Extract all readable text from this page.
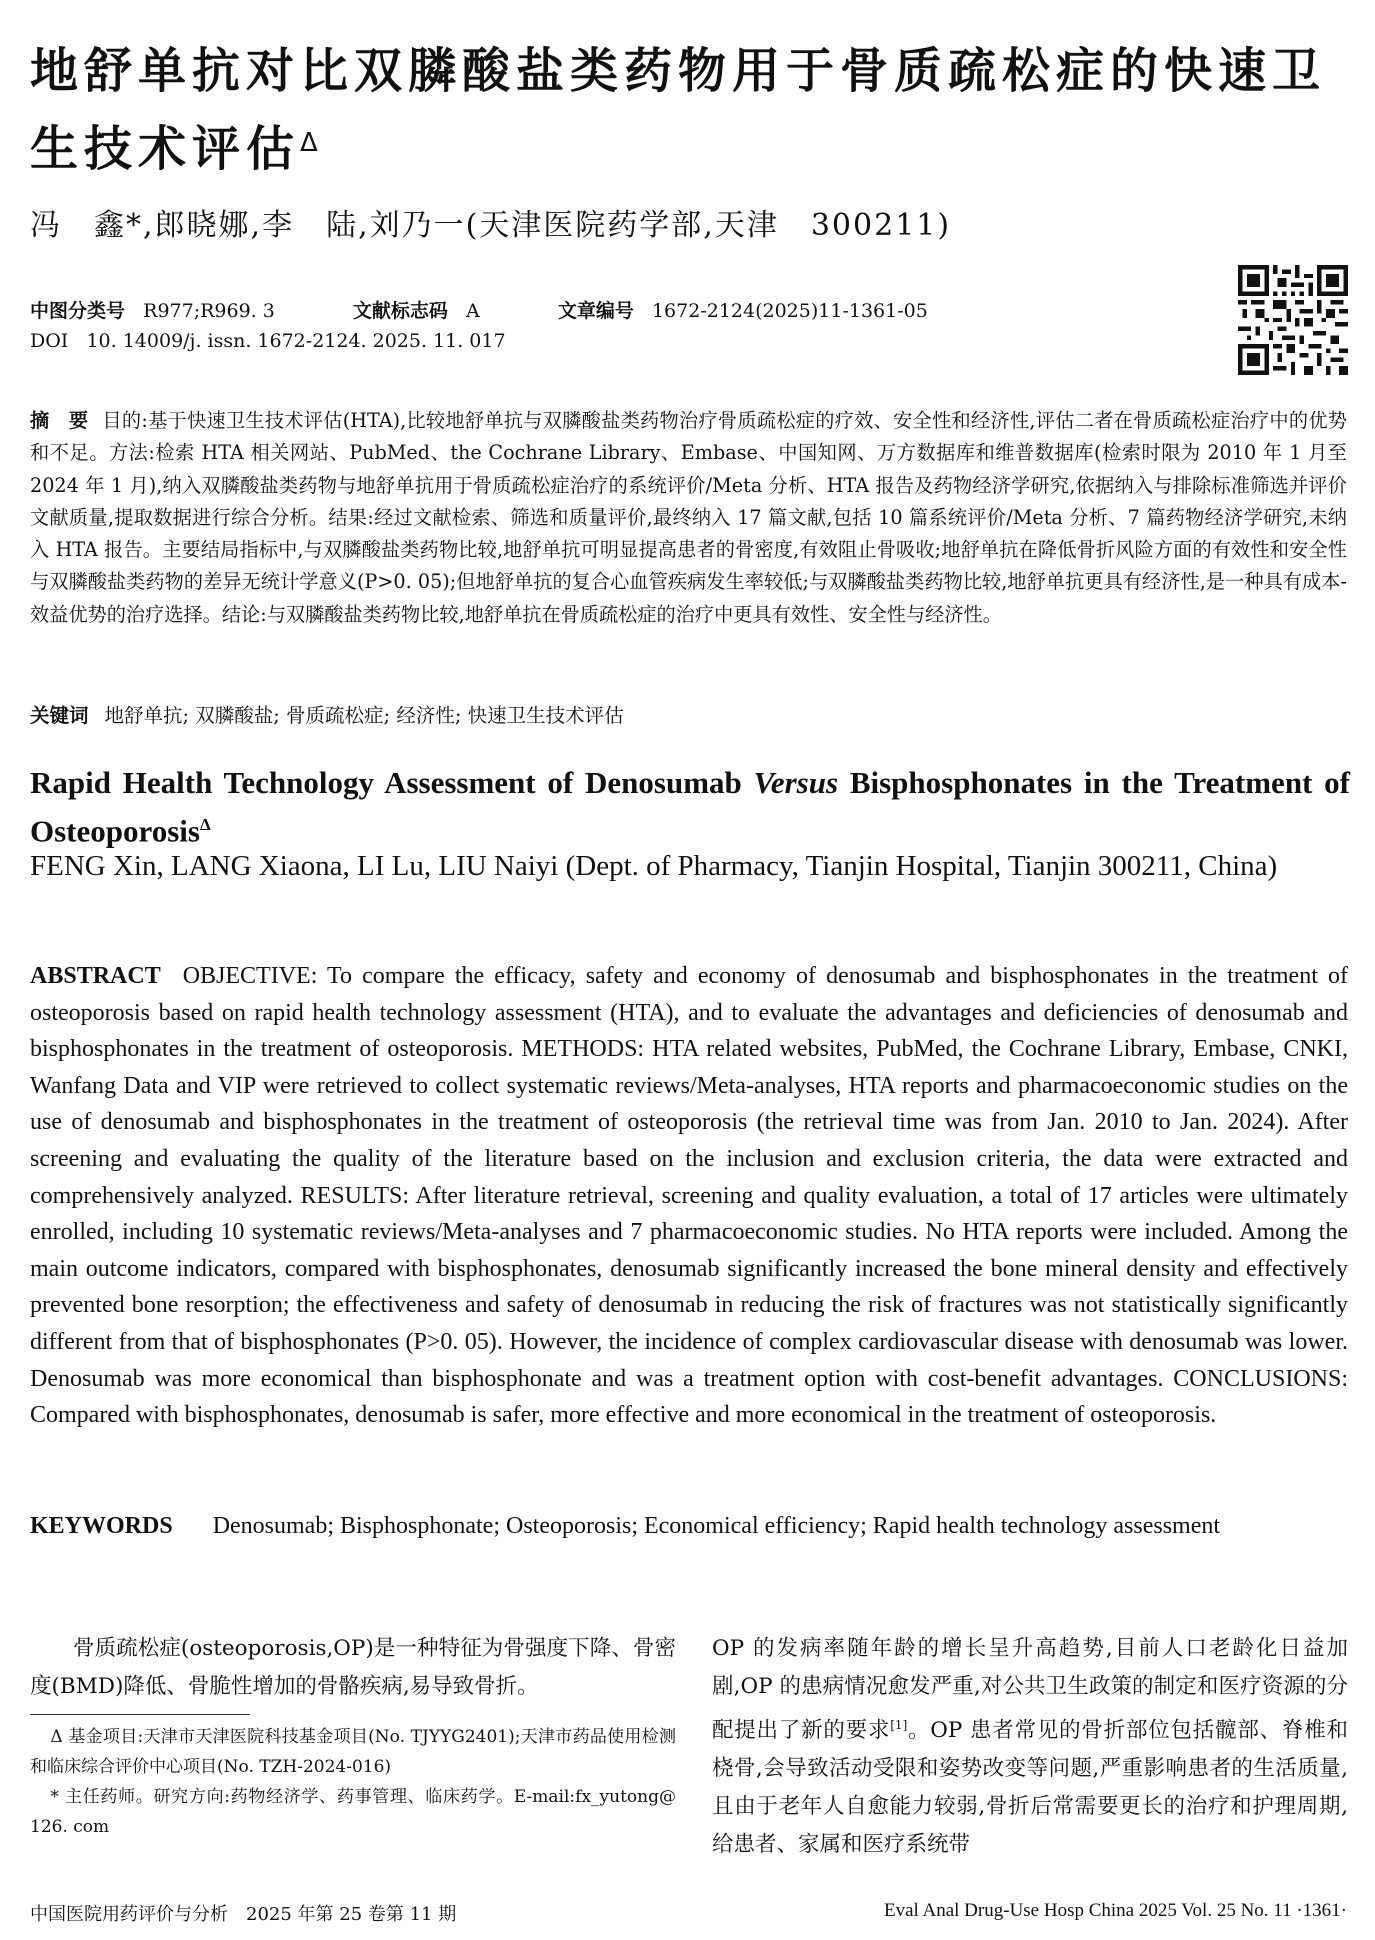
地舒单抗对比双膦酸盐类药物用于骨质疏松症的快速卫生技术评估$^\Delta$
冯　鑫*,郎晓娜,李　陆,刘乃一(天津医院药学部,天津　300211)
中图分类号 R977;R969. 3	文献标志码 A	文章编号 1672-2124(2025)11-1361-05
DOI 10. 14009/j. issn. 1672-2124. 2025. 11. 017
摘　要 目的:基于快速卫生技术评估(HTA),比较地舒单抗与双膦酸盐类药物治疗骨质疏松症的疗效、安全性和经济性,评估二者在骨质疏松症治疗中的优势和不足。方法:检索 HTA 相关网站、PubMed、the Cochrane Library、Embase、中国知网、万方数据库和维普数据库(检索时限为 2010 年 1 月至 2024 年 1 月),纳入双膦酸盐类药物与地舒单抗用于骨质疏松症治疗的系统评价/Meta 分析、HTA 报告及药物经济学研究,依据纳入与排除标准筛选并评价文献质量,提取数据进行综合分析。结果:经过文献检索、筛选和质量评价,最终纳入 17 篇文献,包括 10 篇系统评价/Meta 分析、7 篇药物经济学研究,未纳入 HTA 报告。主要结局指标中,与双膦酸盐类药物比较,地舒单抗可明显提高患者的骨密度,有效阻止骨吸收;地舒单抗在降低骨折风险方面的有效性和安全性与双膦酸盐类药物的差异无统计学意义(P>0. 05);但地舒单抗的复合心血管疾病发生率较低;与双膦酸盐类药物比较,地舒单抗更具有经济性,是一种具有成本-效益优势的治疗选择。结论:与双膦酸盐类药物比较,地舒单抗在骨质疏松症的治疗中更具有效性、安全性与经济性。
关键词 地舒单抗; 双膦酸盐; 骨质疏松症; 经济性; 快速卫生技术评估
Rapid Health Technology Assessment of Denosumab Versus Bisphosphonates in the Treatment of Osteoporosis$^\Delta$
FENG Xin, LANG Xiaona, LI Lu, LIU Naiyi (Dept. of Pharmacy, Tianjin Hospital, Tianjin 300211, China)
ABSTRACT OBJECTIVE: To compare the efficacy, safety and economy of denosumab and bisphosphonates in the treatment of osteoporosis based on rapid health technology assessment (HTA), and to evaluate the advantages and deficiencies of denosumab and bisphosphonates in the treatment of osteoporosis. METHODS: HTA related websites, PubMed, the Cochrane Library, Embase, CNKI, Wanfang Data and VIP were retrieved to collect systematic reviews/Meta-analyses, HTA reports and pharmacoeconomic studies on the use of denosumab and bisphosphonates in the treatment of osteoporosis (the retrieval time was from Jan. 2010 to Jan. 2024). After screening and evaluating the quality of the literature based on the inclusion and exclusion criteria, the data were extracted and comprehensively analyzed. RESULTS: After literature retrieval, screening and quality evaluation, a total of 17 articles were ultimately enrolled, including 10 systematic reviews/Meta-analyses and 7 pharmacoeconomic studies. No HTA reports were included. Among the main outcome indicators, compared with bisphosphonates, denosumab significantly increased the bone mineral density and effectively prevented bone resorption; the effectiveness and safety of denosumab in reducing the risk of fractures was not statistically significantly different from that of bisphosphonates (P>0. 05). However, the incidence of complex cardiovascular disease with denosumab was lower. Denosumab was more economical than bisphosphonate and was a treatment option with cost-benefit advantages. CONCLUSIONS: Compared with bisphosphonates, denosumab is safer, more effective and more economical in the treatment of osteoporosis.
KEYWORDS Denosumab; Bisphosphonate; Osteoporosis; Economical efficiency; Rapid health technology assessment
骨质疏松症(osteoporosis,OP)是一种特征为骨强度下降、骨密度(BMD)降低、骨脆性增加的骨骼疾病,易导致骨折。

Δ 基金项目:天津市天津医院科技基金项目(No. TJYYG2401);天津市药品使用检测和临床综合评价中心项目(No. TZH-2024-016)

* 主任药师。研究方向:药物经济学、药事管理、临床药学。E-mail:fx_yutong@ 126. com

OP 的发病率随年龄的增长呈升高趋势,目前人口老龄化日益加剧,OP 的患病情况愈发严重,对公共卫生政策的制定和医疗资源的分配提出了新的要求[1]。OP 患者常见的骨折部位包括髋部、脊椎和桡骨,会导致活动受限和姿势改变等问题,严重影响患者的生活质量,且由于老年人自愈能力较弱,骨折后常需要更长的治疗和护理周期,给患者、家属和医疗系统带
中国医院用药评价与分析　2025 年第 25 卷第 11 期	Eval Anal Drug-Use Hosp China 2025 Vol. 25 No. 11 ·1361·
